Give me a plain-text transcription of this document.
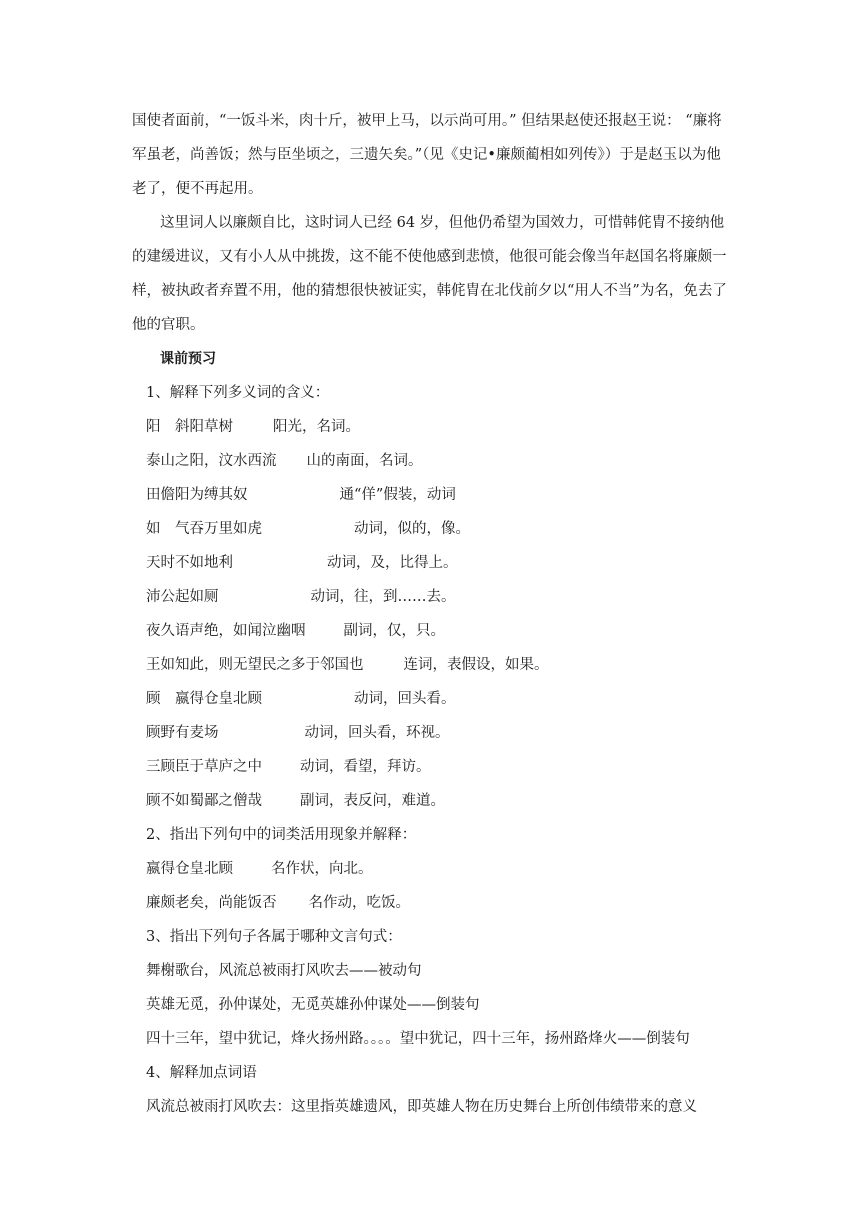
国使者面前，“一饭斗米，肉十斤，被甲上马，以示尚可用。” 但结果赵使还报赵王说： “廉将军虽老，尚善饭；然与臣坐顷之，三遗矢矣。”（见《史记•廉颇蔺相如列传》）于是赵玉以为他老了，便不再起用。

这里词人以廉颇自比，这时词人已经 64 岁，但他仍希望为国效力，可惜韩侂胄不接纳他的建缓进议，又有小人从中挑拨，这不能不使他感到悲愤，他很可能会像当年赵国名将廉颇一样，被执政者弃置不用，他的猜想很快被证实，韩侂胄在北伐前夕以“用人不当”为名，免去了他的官职。

课前预习

1、解释下列多义词的含义：

阳　斜阳草树	阳光，名词。

泰山之阳，汶水西流 山的南面，名词。

田儋阳为缚其奴	通“佯”假装，动词

如　气吞万里如虎	动词，似的，像。

天时不如地利	动词，及，比得上。

沛公起如厕	动词，往，到……去。

夜久语声绝，如闻泣幽咽	副词，仅，只。

王如知此，则无望民之多于邻国也	连词，表假设，如果。

顾　嬴得仓皇北顾	动词，回头看。

顾野有麦场	动词，回头看，环视。

三顾臣于草庐之中	动词，看望，拜访。

顾不如蜀鄙之僧哉	副词，表反问，难道。

2、指出下列句中的词类活用现象并解释：

嬴得仓皇北顾	名作状，向北。

廉颇老矣，尚能饭否 名作动，吃饭。

3、指出下列句子各属于哪种文言句式：

舞榭歌台，风流总被雨打风吹去——被动句

英雄无觅，孙仲谋处，无觅英雄孙仲谋处——倒装句

四十三年，望中犹记，烽火扬州路。。。。望中犹记，四十三年，扬州路烽火——倒装句

4、解释加点词语

风流总被雨打风吹去：这里指英雄遗风，即英雄人物在历史舞台上所创伟绩带来的意义
